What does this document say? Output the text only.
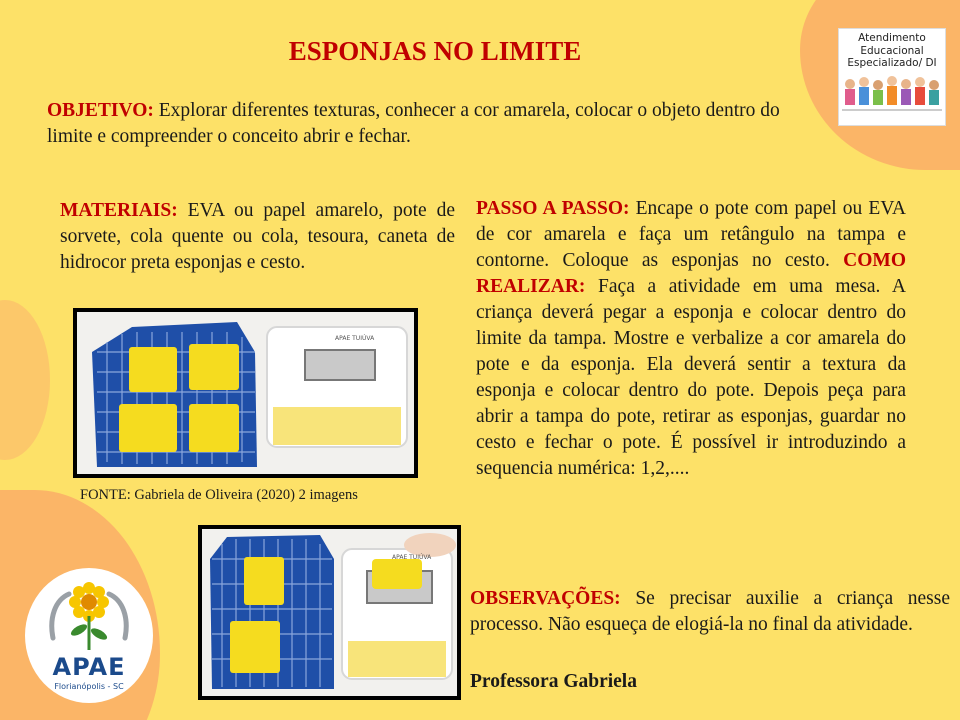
ESPONJAS NO LIMITE
OBJETIVO: Explorar diferentes texturas, conhecer a cor amarela, colocar o objeto dentro do limite e compreender o conceito abrir e fechar.
MATERIAIS: EVA ou papel amarelo, pote de sorvete, cola quente ou cola, tesoura, caneta de hidrocor preta esponjas e cesto.
PASSO A PASSO: Encape o pote com papel ou EVA de cor amarela e faça um retângulo na tampa e contorne. Coloque as esponjas no cesto. COMO REALIZAR: Faça a atividade em uma mesa. A criança deverá pegar a esponja e colocar dentro do limite da tampa. Mostre e verbalize a cor amarela do pote e da esponja. Ela deverá sentir a textura da esponja e colocar dentro do pote. Depois peça para abrir a tampa do pote, retirar as esponjas, guardar no cesto e fechar o pote. É possível ir introduzindo a sequencia numérica: 1,2,....
APAE TUIÚVA
FONTE: Gabriela de Oliveira (2020) 2 imagens
APAE TUIÚVA
OBSERVAÇÕES: Se precisar auxilie a criança nesse processo. Não esqueça de elogiá-la no final da atividade.
Professora Gabriela
Atendimento
Educacional
Especializado/ DI
APAE
Florianópolis - SC
